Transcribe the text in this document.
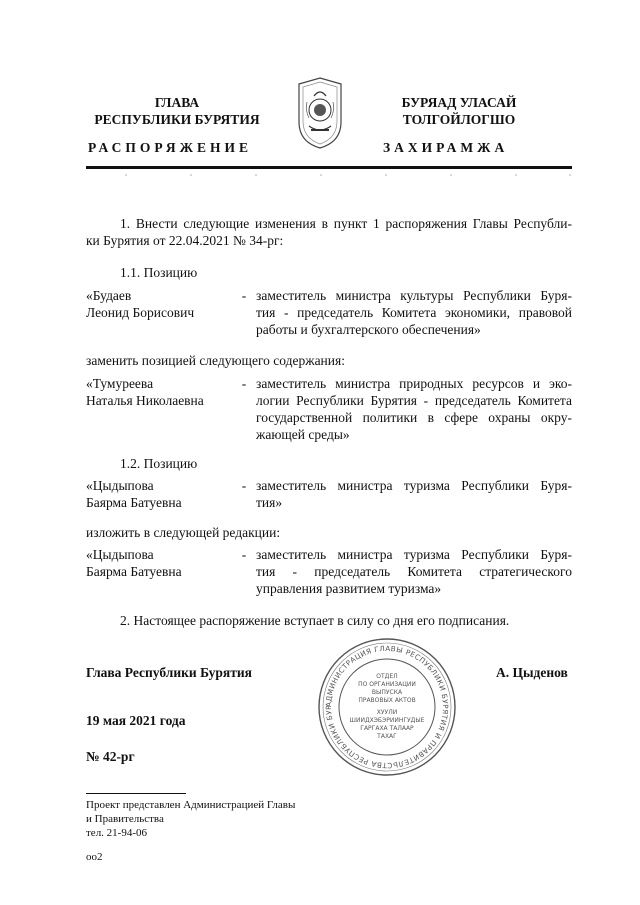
ГЛАВА
РЕСПУБЛИКИ БУРЯТИЯ
БУРЯАД УЛАСАЙ
ТОЛГОЙЛОГШО
РАСПОРЯЖЕНИЕ	ЗАХИРАМЖА
1. Внести следующие изменения в пункт 1 распоряжения Главы Республи-
ки Бурятия от 22.04.2021 № 34-рг:
1.1. Позицию
«Будаев
Леонид Борисович
- заместитель министра культуры Республики Буря-
тия - председатель Комитета экономики, правовой
работы и бухгалтерского обеспечения»
заменить позицией следующего содержания:
«Тумуреева
Наталья Николаевна
- заместитель министра природных ресурсов и эко-
логии Республики Бурятия - председатель Комитета
государственной политики в сфере охраны окру-
жающей среды»
1.2. Позицию
«Цыдыпова
Баярма Батуевна
- заместитель министра туризма Республики Буря-
тия»
изложить в следующей редакции:
«Цыдыпова
Баярма Батуевна
- заместитель министра туризма Республики Буря-
тия - председатель Комитета стратегического
управления развитием туризма»
2. Настоящее распоряжение вступает в силу со дня его подписания.
Глава Республики Бурятия	А. Цыденов
АДМИНИСТРАЦИЯ ГЛАВЫ РЕСПУБЛИКИ БУРЯТИЯ И ПРАВИТЕЛЬСТВА РЕСПУБЛИКИ БУР
ОТДЕЛ
ПО ОРГАНИЗАЦИИ
ВЫПУСКА
ПРАВОВЫХ АКТОВ
ХУУЛИ
ШИИДХЭБЭРИИНГУДЫЕ
ГАРГАХА ТАЛААР
ТАХАГ
19 мая 2021 года
№ 42-рг
Проект представлен Администрацией Главы
и Правительства
тел. 21-94-06
оо2
